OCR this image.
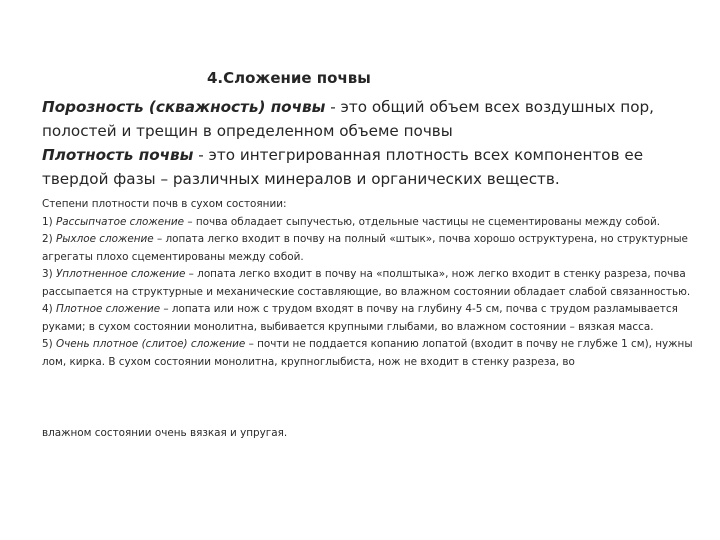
4.Сложение почвы
Порозность (скважность) почвы - это общий объем всех воздушных пор, полостей и трещин в определенном объеме почвы
Плотность почвы - это интегрированная плотность всех компонентов ее твердой фазы – различных минералов и органических веществ.

Степени плотности почв в сухом состоянии:

1) Рассыпчатое сложение – почва обладает сыпучестью, отдельные частицы не сцементированы между собой.

2) Рыхлое сложение – лопата легко входит в почву на полный «штык», почва хорошо оструктурена, но структурные агрегаты плохо сцементированы между собой.

3) Уплотненное сложение – лопата легко входит в почву на «полштыка», нож легко входит в стенку разреза, почва рассыпается на структурные и механические составляющие, во влажном состоянии обладает слабой связанностью.

4) Плотное сложение – лопата или нож с трудом входят в почву на глубину 4-5 см, почва с трудом разламывается руками; в сухом состоянии монолитна, выбивается крупными глыбами, во влажном состоянии – вязкая масса.

5) Очень плотное (слитое) сложение – почти не поддается копанию лопатой (входит в почву не глубже 1 см), нужны лом, кирка. В сухом состоянии монолитна, крупноглыбиста, нож не входит в стенку разреза, во

влажном состоянии очень вязкая и упругая.
